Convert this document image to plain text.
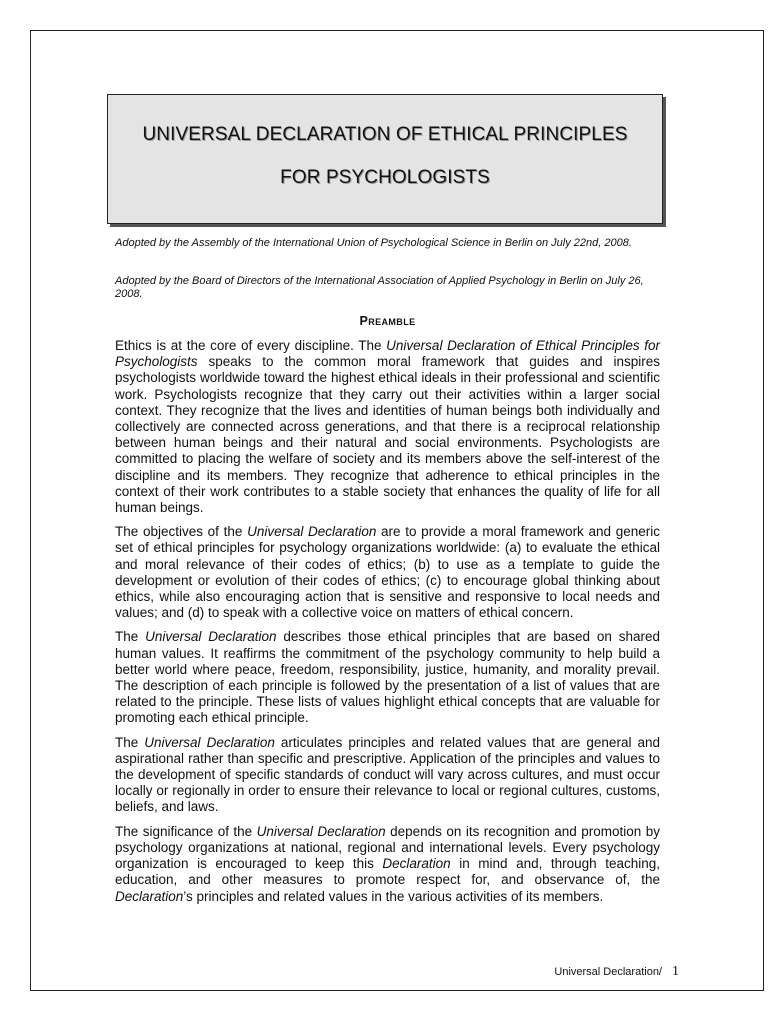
UNIVERSAL DECLARATION OF ETHICAL PRINCIPLES
FOR PSYCHOLOGISTS
Adopted by the Assembly of the International Union of Psychological Science in Berlin on July 22nd, 2008.
Adopted by the Board of Directors of the International Association of Applied Psychology in Berlin on July 26, 2008.
Preamble

Ethics is at the core of every discipline. The Universal Declaration of Ethical Principles for Psychologists speaks to the common moral framework that guides and inspires psychologists worldwide toward the highest ethical ideals in their professional and scientific work. Psychologists recognize that they carry out their activities within a larger social context. They recognize that the lives and identities of human beings both individually and collectively are connected across generations, and that there is a reciprocal relationship between human beings and their natural and social environments. Psychologists are committed to placing the welfare of society and its members above the self-interest of the discipline and its members. They recognize that adherence to ethical principles in the context of their work contributes to a stable society that enhances the quality of life for all human beings.

The objectives of the Universal Declaration are to provide a moral framework and generic set of ethical principles for psychology organizations worldwide: (a) to evaluate the ethical and moral relevance of their codes of ethics; (b) to use as a template to guide the development or evolution of their codes of ethics; (c) to encourage global thinking about ethics, while also encouraging action that is sensitive and responsive to local needs and values; and (d) to speak with a collective voice on matters of ethical concern.

The Universal Declaration describes those ethical principles that are based on shared human values. It reaffirms the commitment of the psychology community to help build a better world where peace, freedom, responsibility, justice, humanity, and morality prevail. The description of each principle is followed by the presentation of a list of values that are related to the principle. These lists of values highlight ethical concepts that are valuable for promoting each ethical principle.

The Universal Declaration articulates principles and related values that are general and aspirational rather than specific and prescriptive. Application of the principles and values to the development of specific standards of conduct will vary across cultures, and must occur locally or regionally in order to ensure their relevance to local or regional cultures, customs, beliefs, and laws.

The significance of the Universal Declaration depends on its recognition and promotion by psychology organizations at national, regional and international levels. Every psychology organization is encouraged to keep this Declaration in mind and, through teaching, education, and other measures to promote respect for, and observance of, the Declaration’s principles and related values in the various activities of its members.

Universal Declaration/ 1
